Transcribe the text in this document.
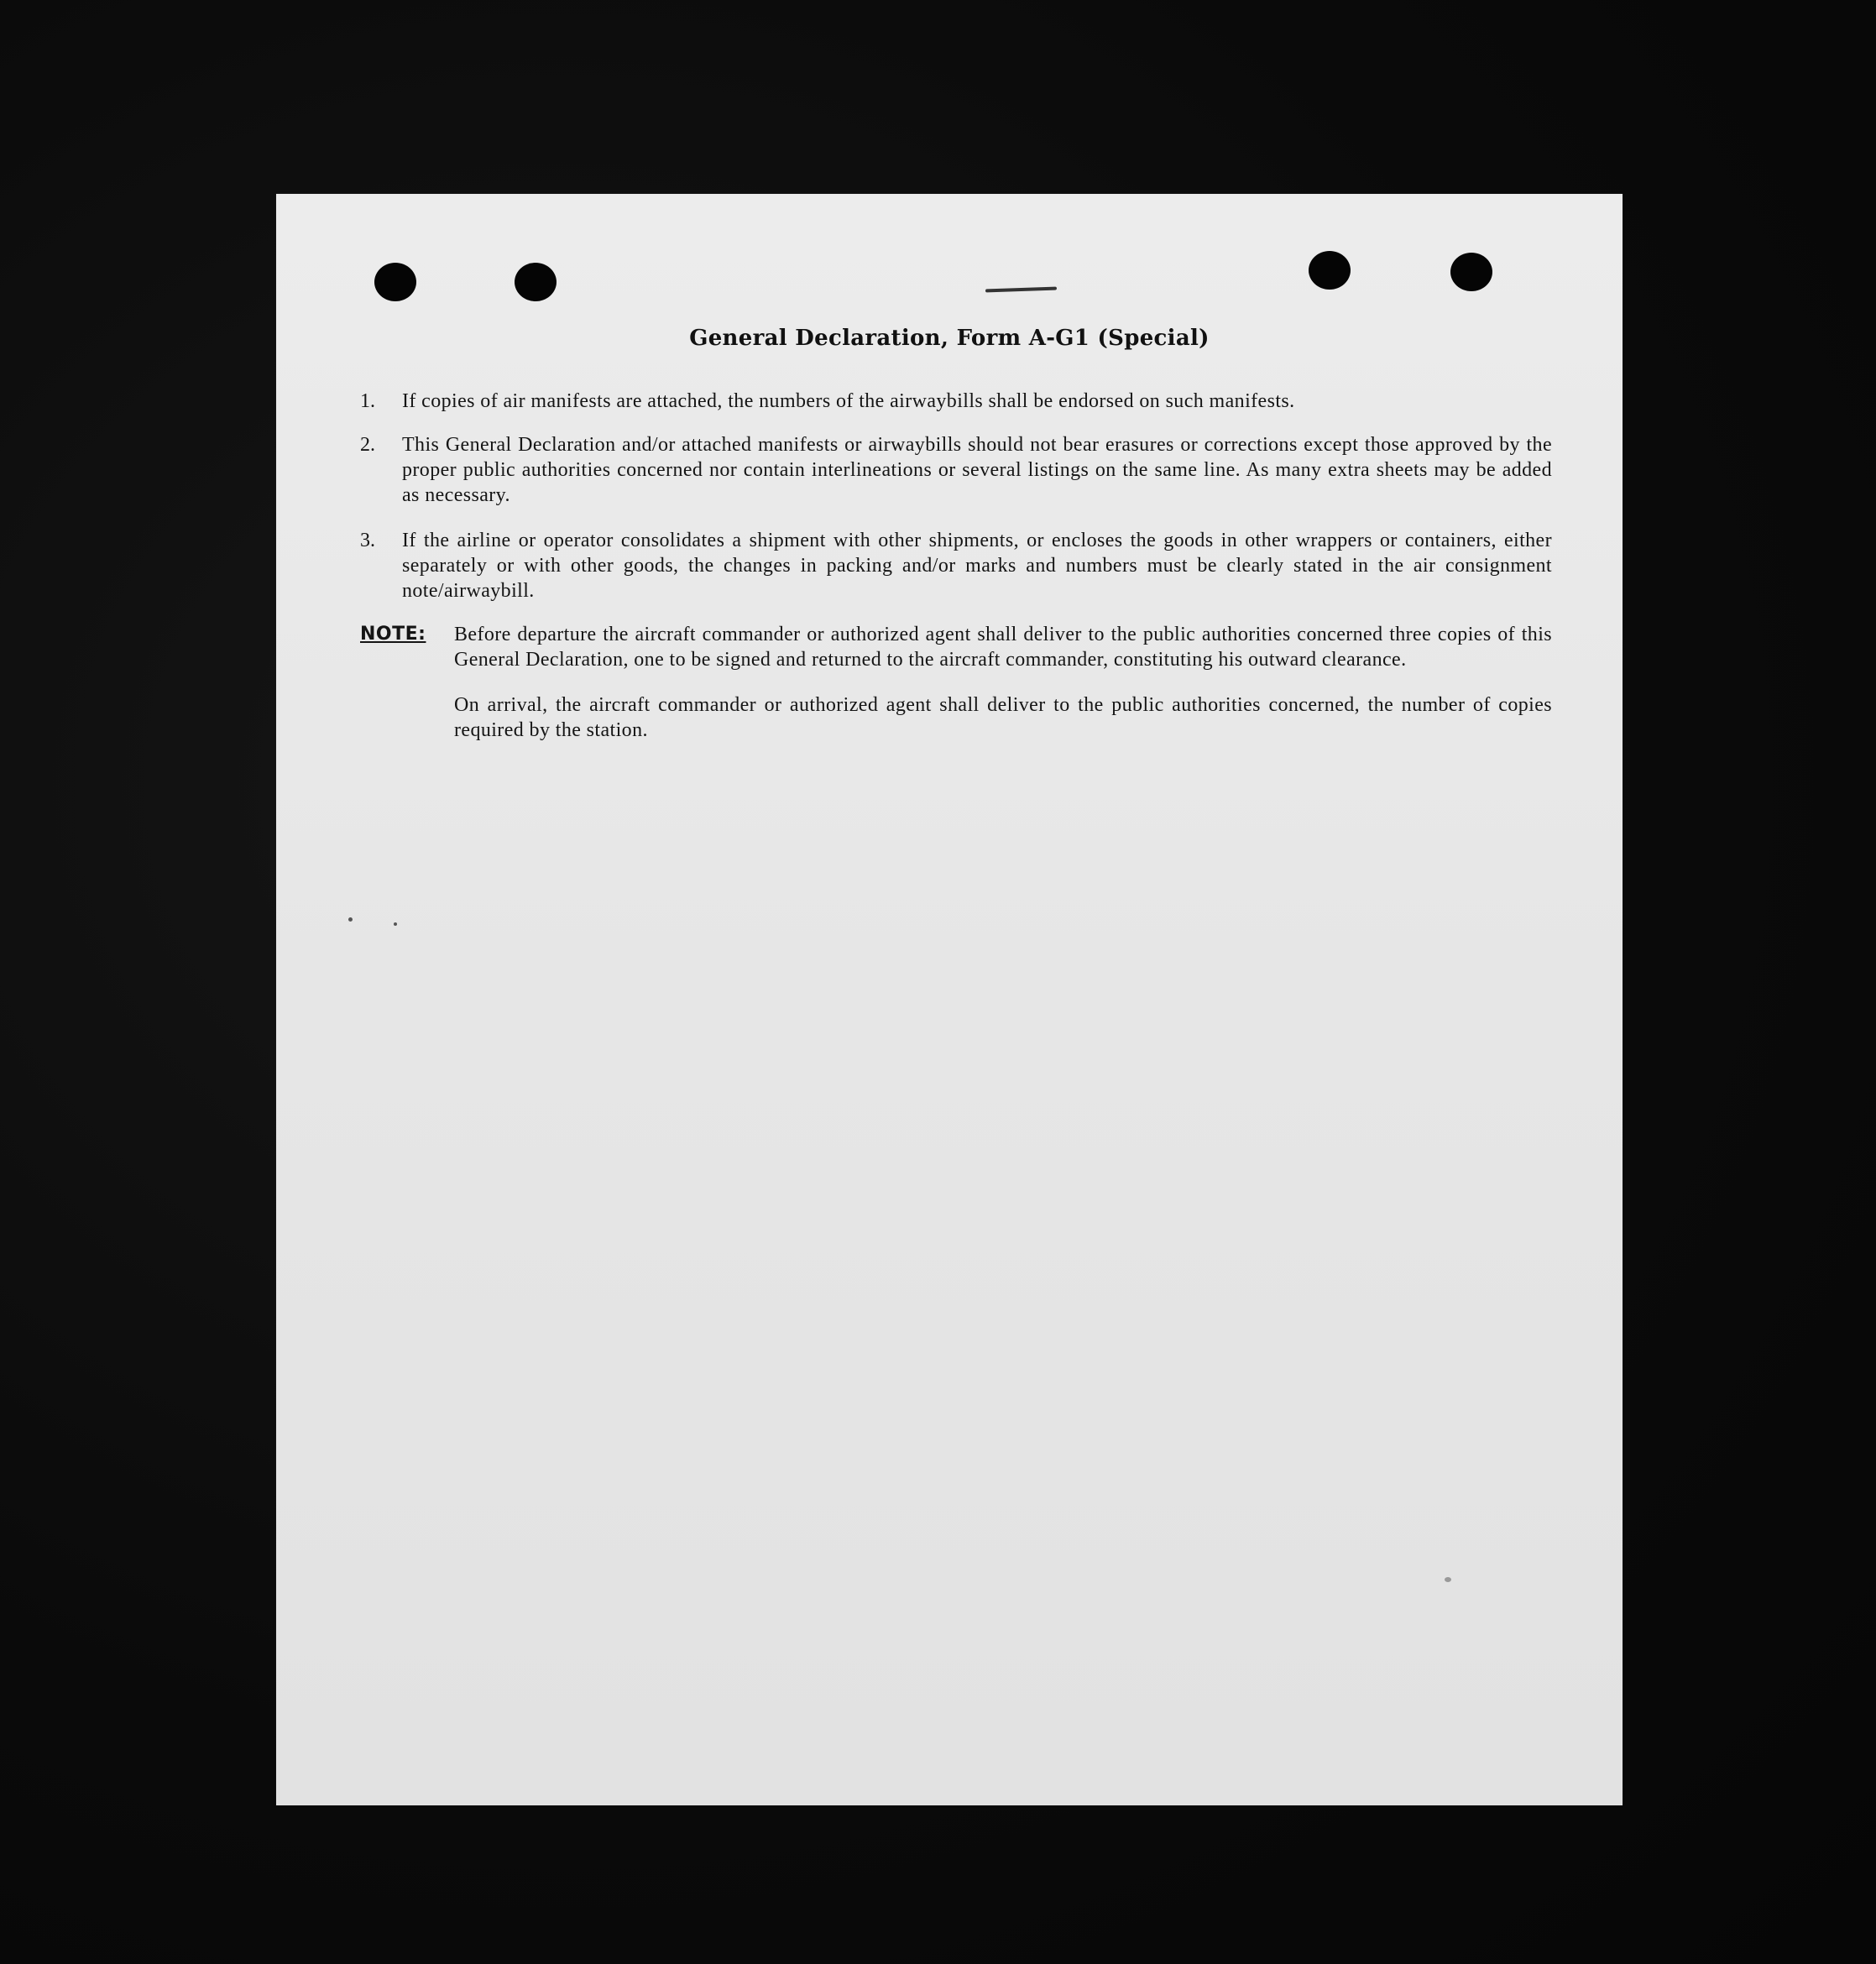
General Declaration, Form A-G1 (Special)
1.	If copies of air manifests are attached, the numbers of the airwaybills shall be endorsed on such manifests.
2.	This General Declaration and/or attached manifests or airwaybills should not bear erasures or corrections except those approved by the proper public authorities concerned nor contain interlineations or several listings on the same line. As many extra sheets may be added as necessary.
3.	If the airline or operator consolidates a shipment with other shipments, or encloses the goods in other wrappers or containers, either separately or with other goods, the changes in packing and/or marks and numbers must be clearly stated in the air consignment note/airwaybill.
NOTE: Before departure the aircraft commander or authorized agent shall deliver to the public authorities concerned three copies of this General Declaration, one to be signed and returned to the aircraft commander, constituting his outward clearance.
On arrival, the aircraft commander or authorized agent shall deliver to the public authorities concerned, the number of copies required by the station.
